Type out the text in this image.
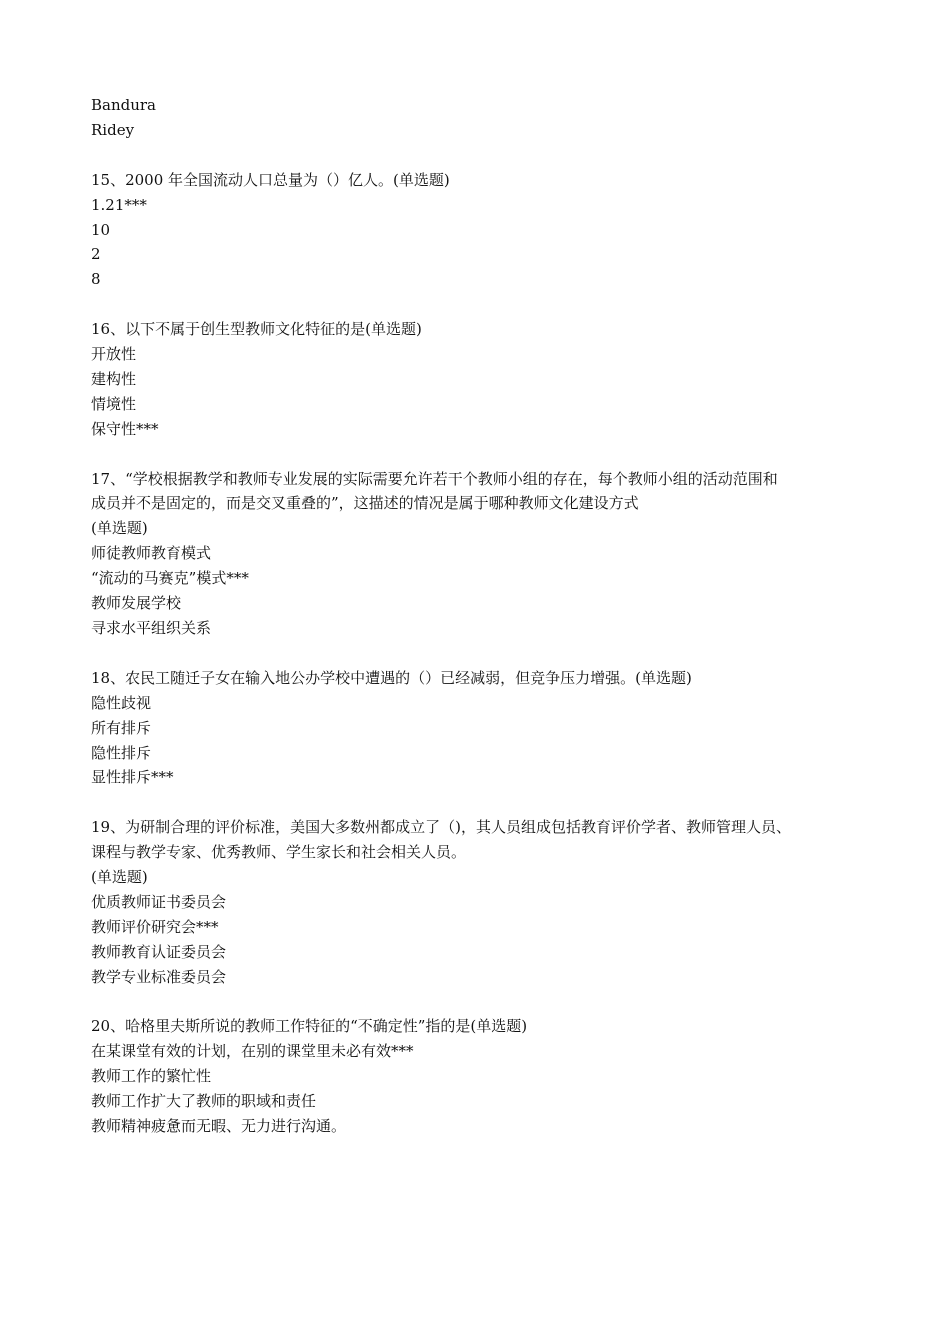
Bandura
Ridey
15、2000 年全国流动人口总量为（）亿人。(单选题)
1.21***
10
2
8
16、以下不属于创生型教师文化特征的是(单选题)
开放性
建构性
情境性
保守性***
17、“学校根据教学和教师专业发展的实际需要允许若干个教师小组的存在，每个教师小组的活动范围和
成员并不是固定的，而是交叉重叠的”，这描述的情况是属于哪种教师文化建设方式
(单选题)
师徒教师教育模式
“流动的马赛克”模式***
教师发展学校
寻求水平组织关系
18、农民工随迁子女在输入地公办学校中遭遇的（）已经减弱，但竞争压力增强。(单选题)
隐性歧视
所有排斥
隐性排斥
显性排斥***
19、为研制合理的评价标准，美国大多数州都成立了（)，其人员组成包括教育评价学者、教师管理人员、
课程与教学专家、优秀教师、学生家长和社会相关人员。
(单选题)
优质教师证书委员会
教师评价研究会***
教师教育认证委员会
教学专业标准委员会
20、哈格里夫斯所说的教师工作特征的“不确定性”指的是(单选题)
在某课堂有效的计划，在别的课堂里未必有效***
教师工作的繁忙性
教师工作扩大了教师的职域和责任
教师精神疲惫而无暇、无力进行沟通。
